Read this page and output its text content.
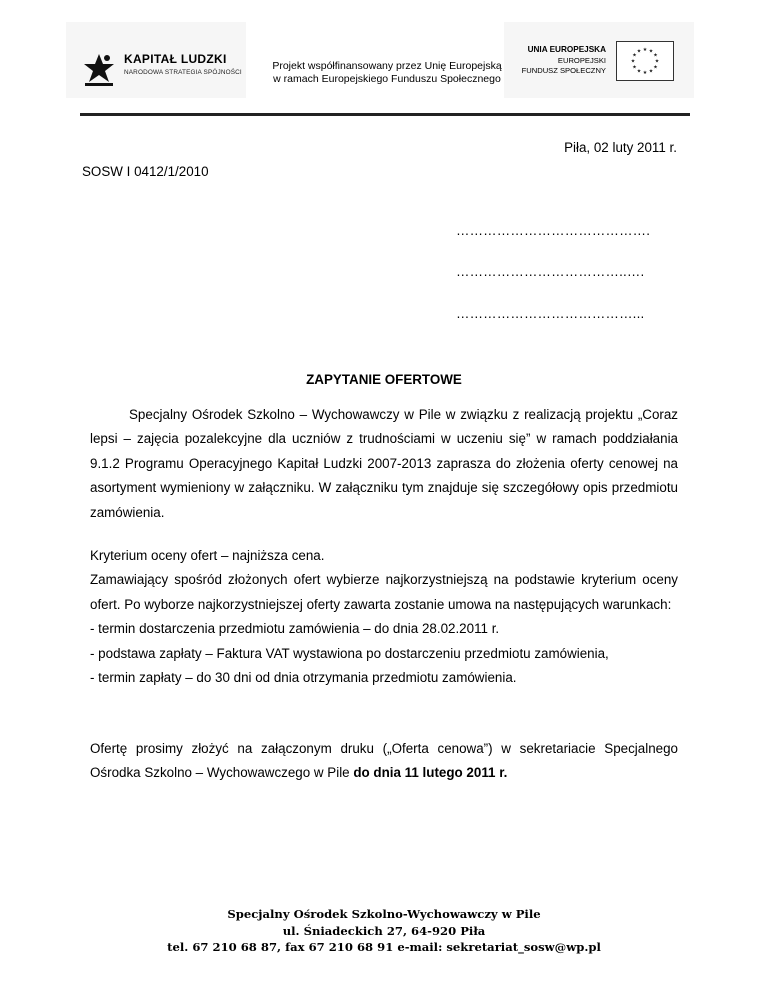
KAPITAŁ LUDZKI
NARODOWA STRATEGIA SPÓJNOŚCI
Projekt współfinansowany przez Unię Europejską
w ramach Europejskiego Funduszu Społecznego
UNIA EUROPEJSKA
EUROPEJSKI
FUNDUSZ SPOŁECZNY
★ ★
★
★
★
★
★
★
★
★
★
★
Piła, 02 luty 2011 r.
SOSW I 0412/1/2010
…………………………………….
………………………………..….
…………………………………...
ZAPYTANIE OFERTOWE
Specjalny Ośrodek Szkolno – Wychowawczy w Pile w związku z realizacją projektu „Coraz lepsi – zajęcia pozalekcyjne dla uczniów z trudnościami w uczeniu się” w ramach poddziałania 9.1.2 Programu Operacyjnego Kapitał Ludzki 2007-2013 zaprasza do złożenia oferty cenowej na asortyment wymieniony w załączniku. W załączniku tym znajduje się szczegółowy opis przedmiotu zamówienia.
Kryterium oceny ofert – najniższa cena.
Zamawiający spośród złożonych ofert wybierze najkorzystniejszą na podstawie kryterium oceny ofert. Po wyborze najkorzystniejszej oferty zawarta zostanie umowa na następujących warunkach:
- termin dostarczenia przedmiotu zamówienia – do dnia 28.02.2011 r.
- podstawa zapłaty – Faktura VAT wystawiona po dostarczeniu przedmiotu zamówienia,
- termin zapłaty – do 30 dni od dnia otrzymania przedmiotu zamówienia.
Ofertę prosimy złożyć na załączonym druku („Oferta cenowa”) w sekretariacie Specjalnego Ośrodka Szkolno – Wychowawczego w Pile do dnia 11 lutego 2011 r.
Specjalny Ośrodek Szkolno-Wychowawczy w Pile
ul. Śniadeckich 27, 64-920 Piła
tel. 67 210 68 87, fax 67 210 68 91 e-mail: sekretariat_sosw@wp.pl
